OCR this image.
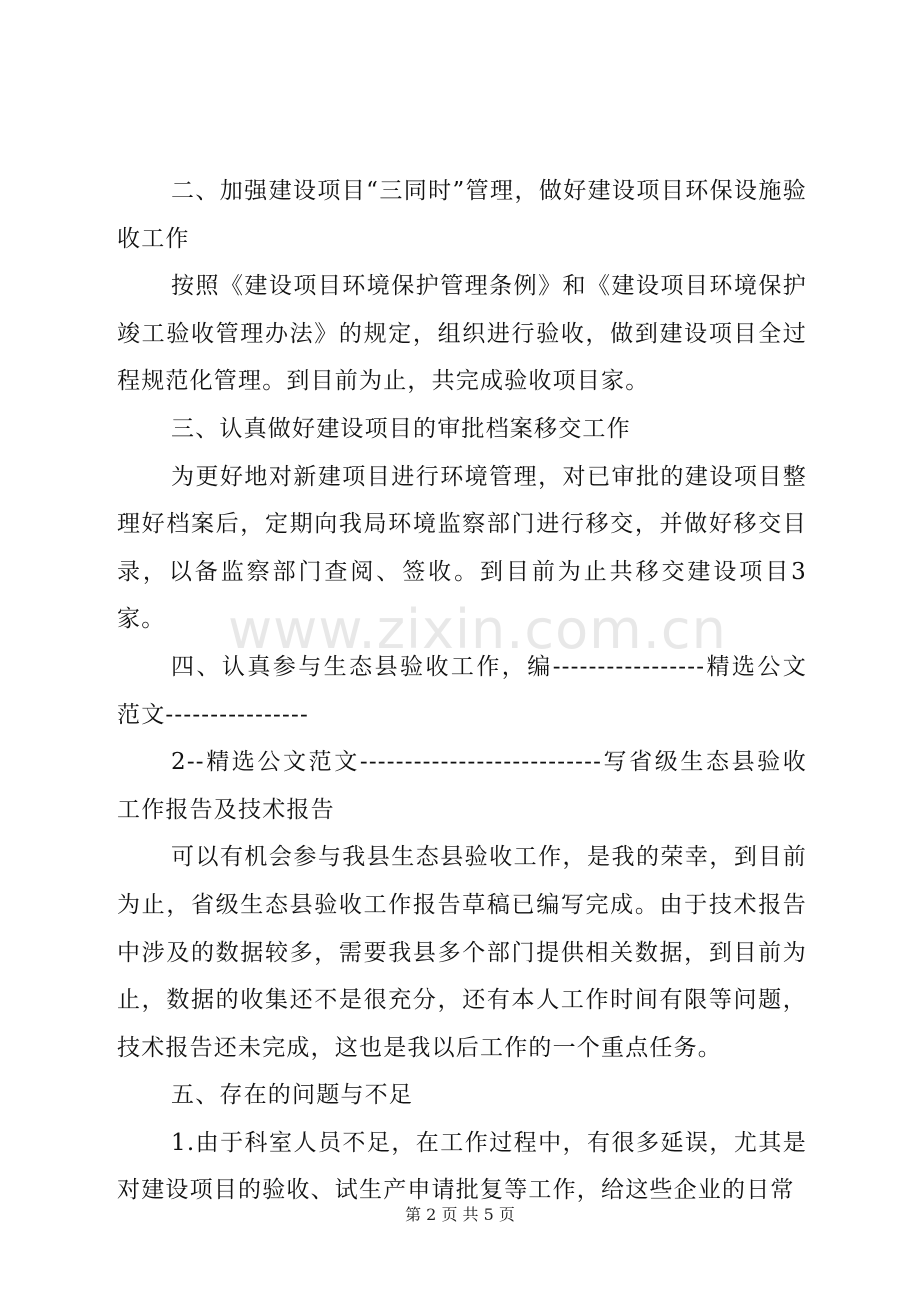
二、加强建设项目“三同时”管理，做好建设项目环保设施验收工作

按照《建设项目环境保护管理条例》和《建设项目环境保护竣工验收管理办法》的规定，组织进行验收，做到建设项目全过程规范化管理。到目前为止，共完成验收项目家。

三、认真做好建设项目的审批档案移交工作

为更好地对新建项目进行环境管理，对已审批的建设项目整理好档案后，定期向我局环境监察部门进行移交，并做好移交目录，以备监察部门查阅、签收。到目前为止共移交建设项目3家。

四、认真参与生态县验收工作，编-----------------精选公文范文----------------

2--精选公文范文---------------------------写省级生态县验收工作报告及技术报告

可以有机会参与我县生态县验收工作，是我的荣幸，到目前为止，省级生态县验收工作报告草稿已编写完成。由于技术报告中涉及的数据较多，需要我县多个部门提供相关数据，到目前为止，数据的收集还不是很充分，还有本人工作时间有限等问题，技术报告还未完成，这也是我以后工作的一个重点任务。

五、存在的问题与不足

1.由于科室人员不足，在工作过程中，有很多延误，尤其是对建设项目的验收、试生产申请批复等工作，给这些企业的日常

www.zixin.com.cn
第 2 页 共 5 页
